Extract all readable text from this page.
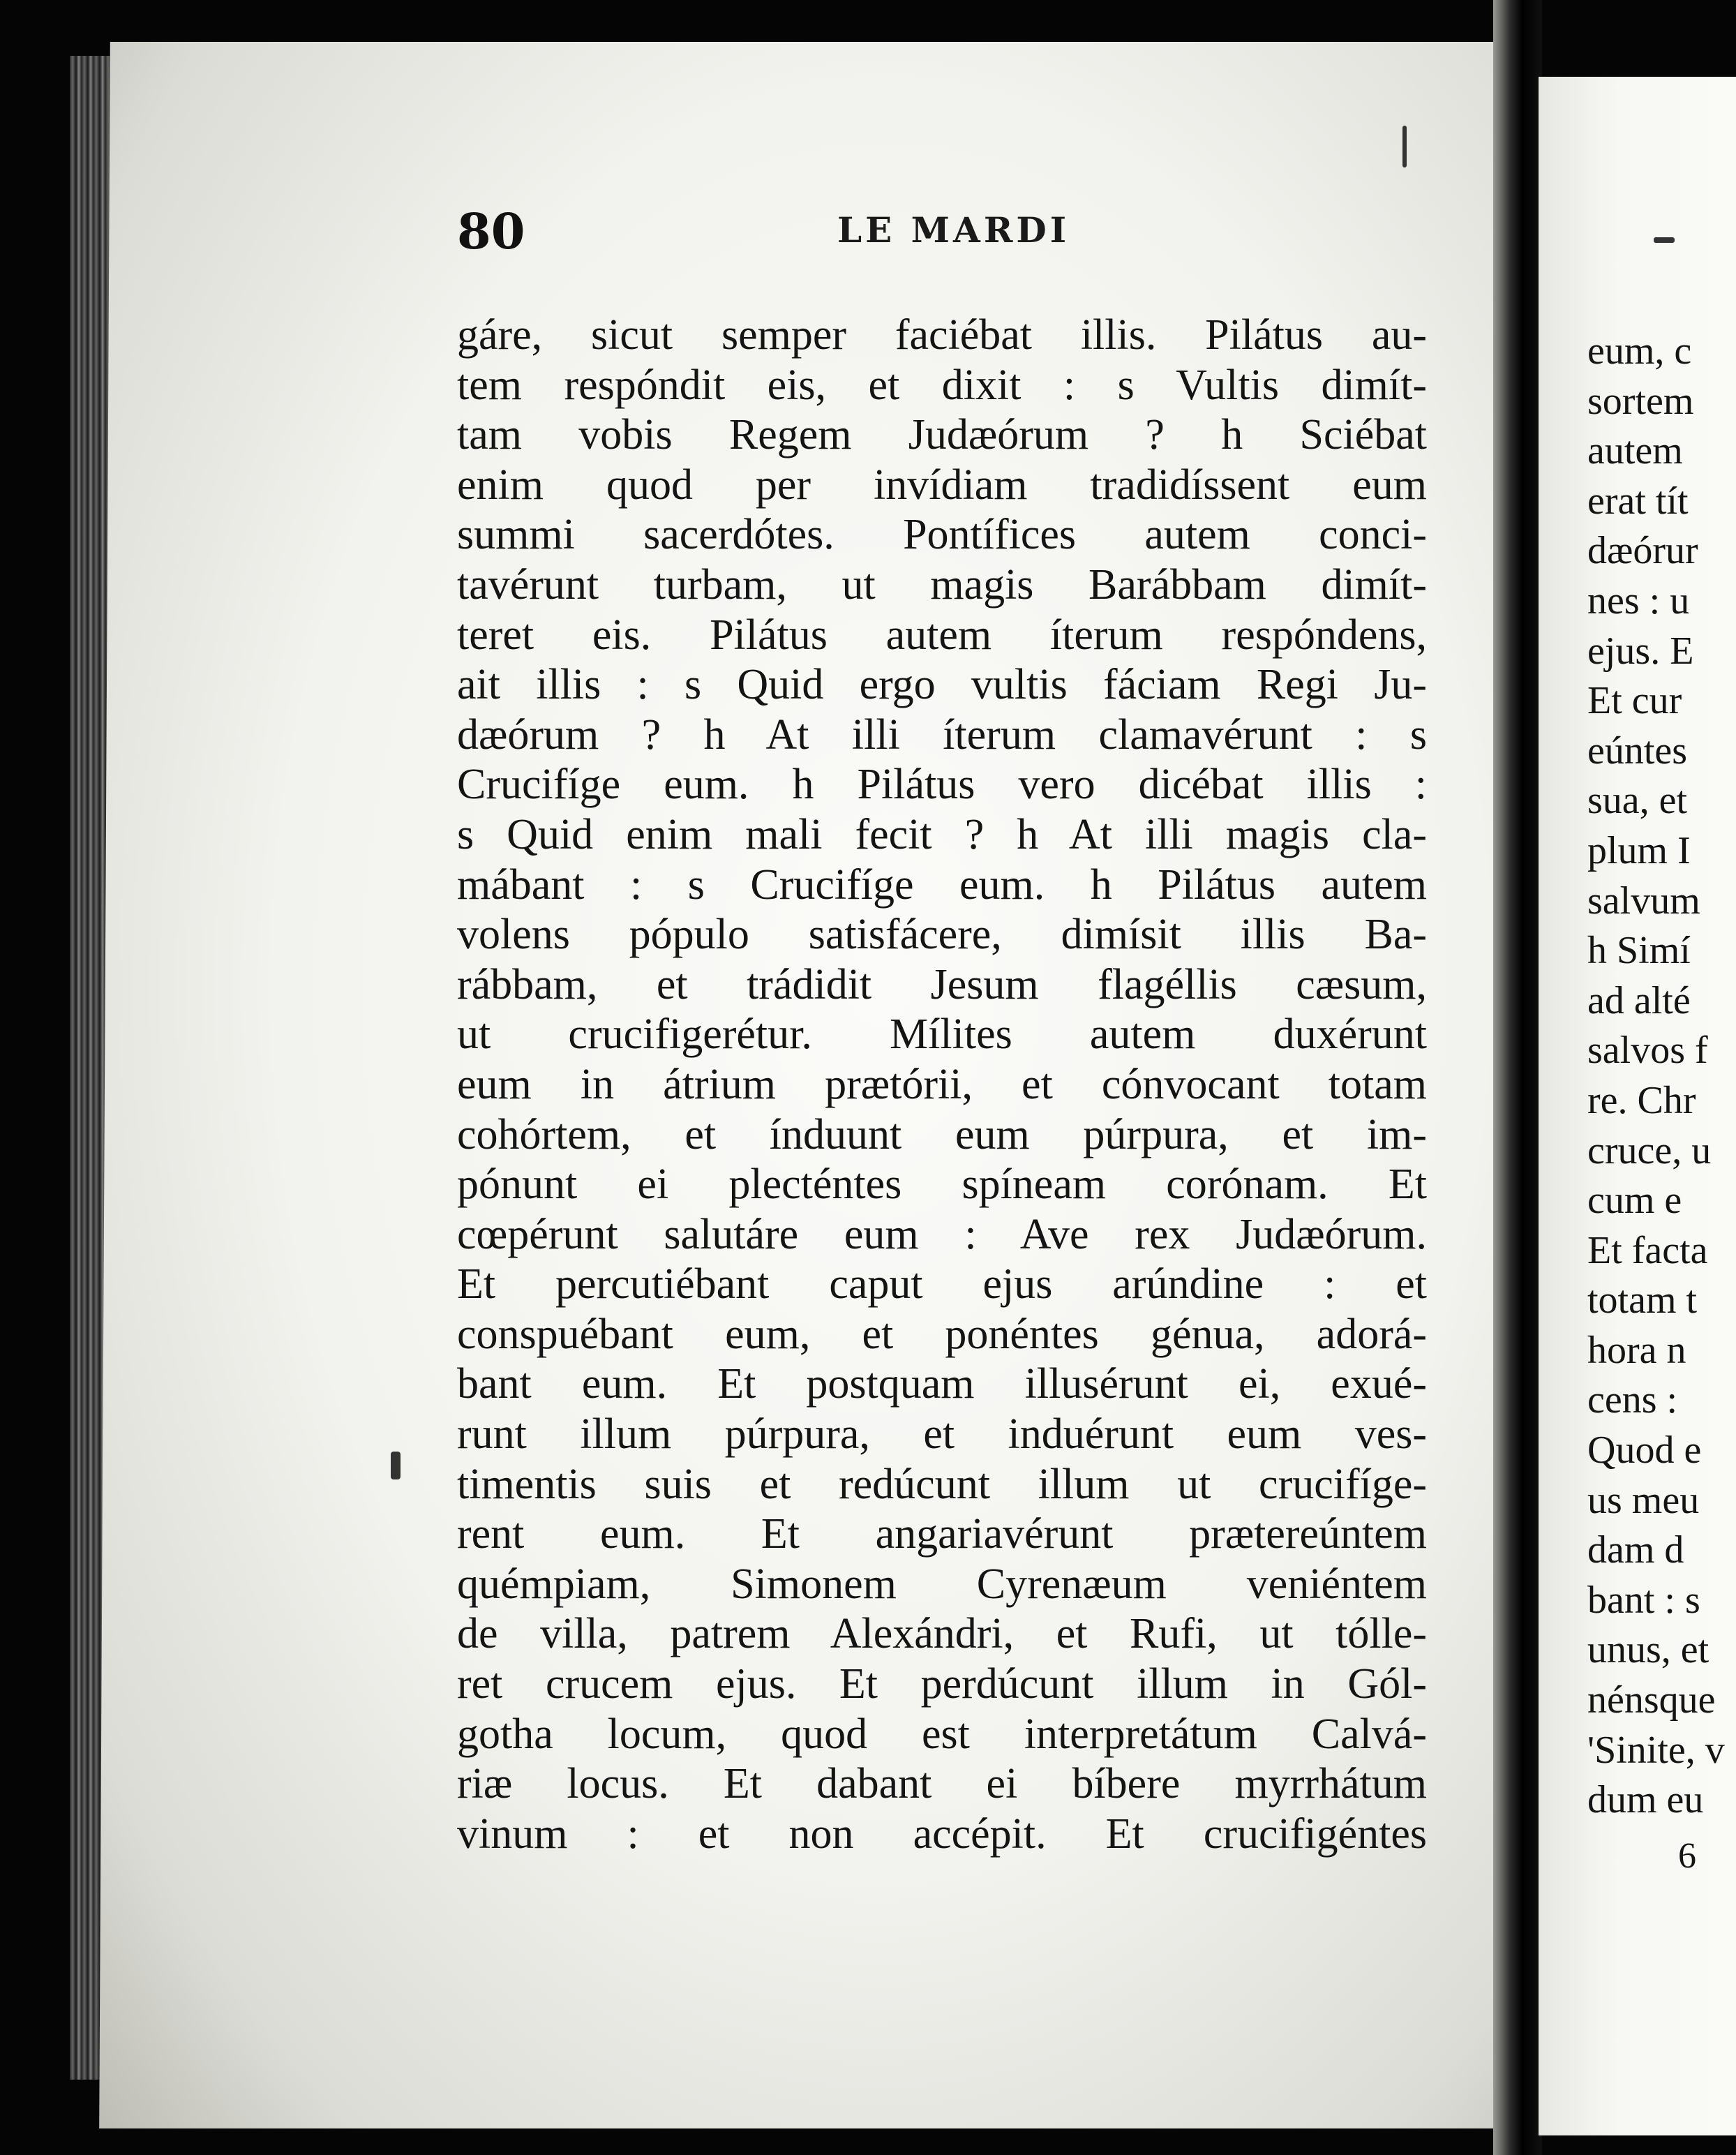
80	LE MARDI
gáre, sicut semper faciébat illis. Pilátus au-
tem respóndit eis, et dixit : s Vultis dimít-
tam vobis Regem Judæórum ? h Sciébat
enim quod per invídiam tradidíssent eum
summi sacerdótes. Pontífices autem conci-
tavérunt turbam, ut magis Barábbam dimít-
teret eis. Pilátus autem íterum respóndens,
ait illis : s Quid ergo vultis fáciam Regi Ju-
dæórum ? h At illi íterum clamavérunt : s
Crucifíge eum. h Pilátus vero dicébat illis :
s Quid enim mali fecit ? h At illi magis cla-
mábant : s Crucifíge eum. h Pilátus autem
volens pópulo satisfácere, dimísit illis Ba-
rábbam, et trádidit Jesum flagéllis cæsum,
ut crucifigerétur. Mílites autem duxérunt
eum in átrium prætórii, et cónvocant totam
cohórtem, et índuunt eum púrpura, et im-
pónunt ei plecténtes spíneam corónam. Et
cœpérunt salutáre eum : Ave rex Judæórum.
Et percutiébant caput ejus arúndine : et
conspuébant eum, et ponéntes génua, adorá-
bant eum. Et postquam illusérunt ei, exué-
runt illum púrpura, et induérunt eum ves-
timentis suis et redúcunt illum ut crucifíge-
rent eum. Et angariavérunt prætereúntem
quémpiam, Simonem Cyrenæum veniéntem
de villa, patrem Alexándri, et Rufi, ut tólle-
ret crucem ejus. Et perdúcunt illum in Gól-
gotha locum, quod est interpretátum Calvá-
riæ locus. Et dabant ei bíbere myrrhátum
vinum : et non accépit. Et crucifigéntes
eum, c
sortem
autem
erat tít
dæórur
nes : u
ejus. E
Et cur
eúntes
sua, et
plum I
salvum
h Simí
ad alté
salvos f
re. Chr
cruce, u
cum e
Et facta
totam t
hora n
cens :
Quod e
us meu
dam d
bant : s
unus, et
nénsque
'Sinite, v
dum eu
6
